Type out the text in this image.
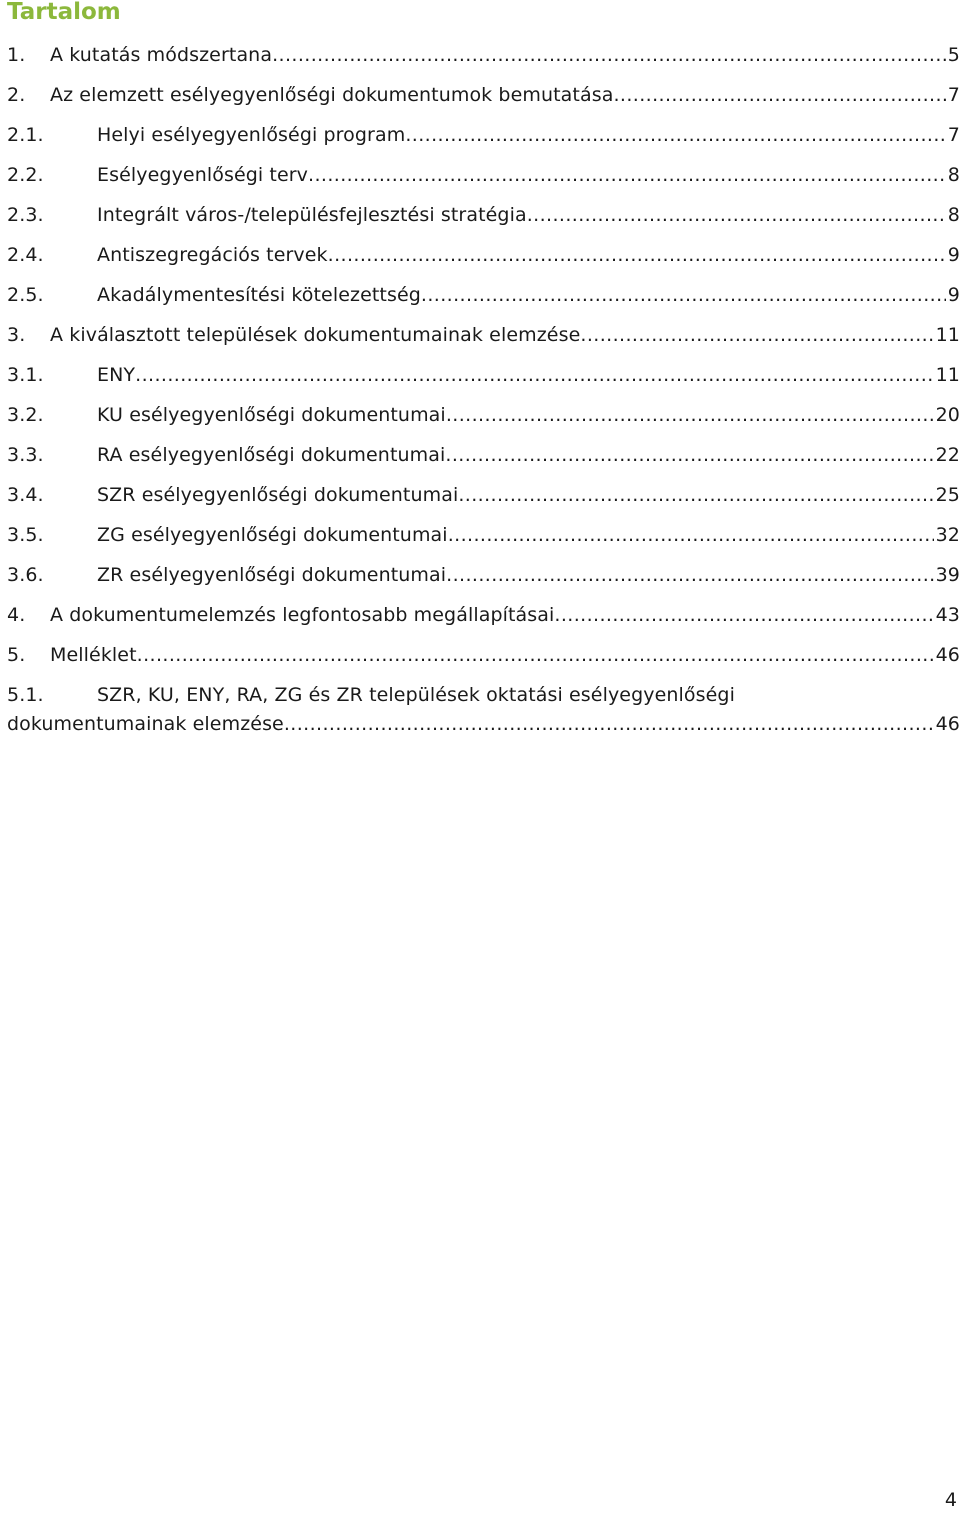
Tartalom
1.	A kutatás módszertana .....	5
2.	Az elemzett esélyegyenlőségi dokumentumok bemutatása .....	7
2.1.	Helyi esélyegyenlőségi program .....	7
2.2.	Esélyegyenlőségi terv .....	8
2.3.	Integrált város-/településfejlesztési stratégia .....	8
2.4.	Antiszegregációs tervek .....	9
2.5.	Akadálymentesítési kötelezettség .....	9
3.	A kiválasztott települések dokumentumainak elemzése .....	11
3.1.	ENY .....	11
3.2.	KU esélyegyenlőségi dokumentumai .....	20
3.3.	RA esélyegyenlőségi dokumentumai .....	22
3.4.	SZR esélyegyenlőségi dokumentumai .....	25
3.5.	ZG esélyegyenlőségi dokumentumai .....	32
3.6.	ZR esélyegyenlőségi dokumentumai .....	39
4.	A dokumentumelemzés legfontosabb megállapításai .....	43
5.	Melléklet .....	46
5.1.	SZR, KU, ENY, RA, ZG és ZR települések oktatási esélyegyenlőségi
dokumentumainak elemzése .....	46
4
